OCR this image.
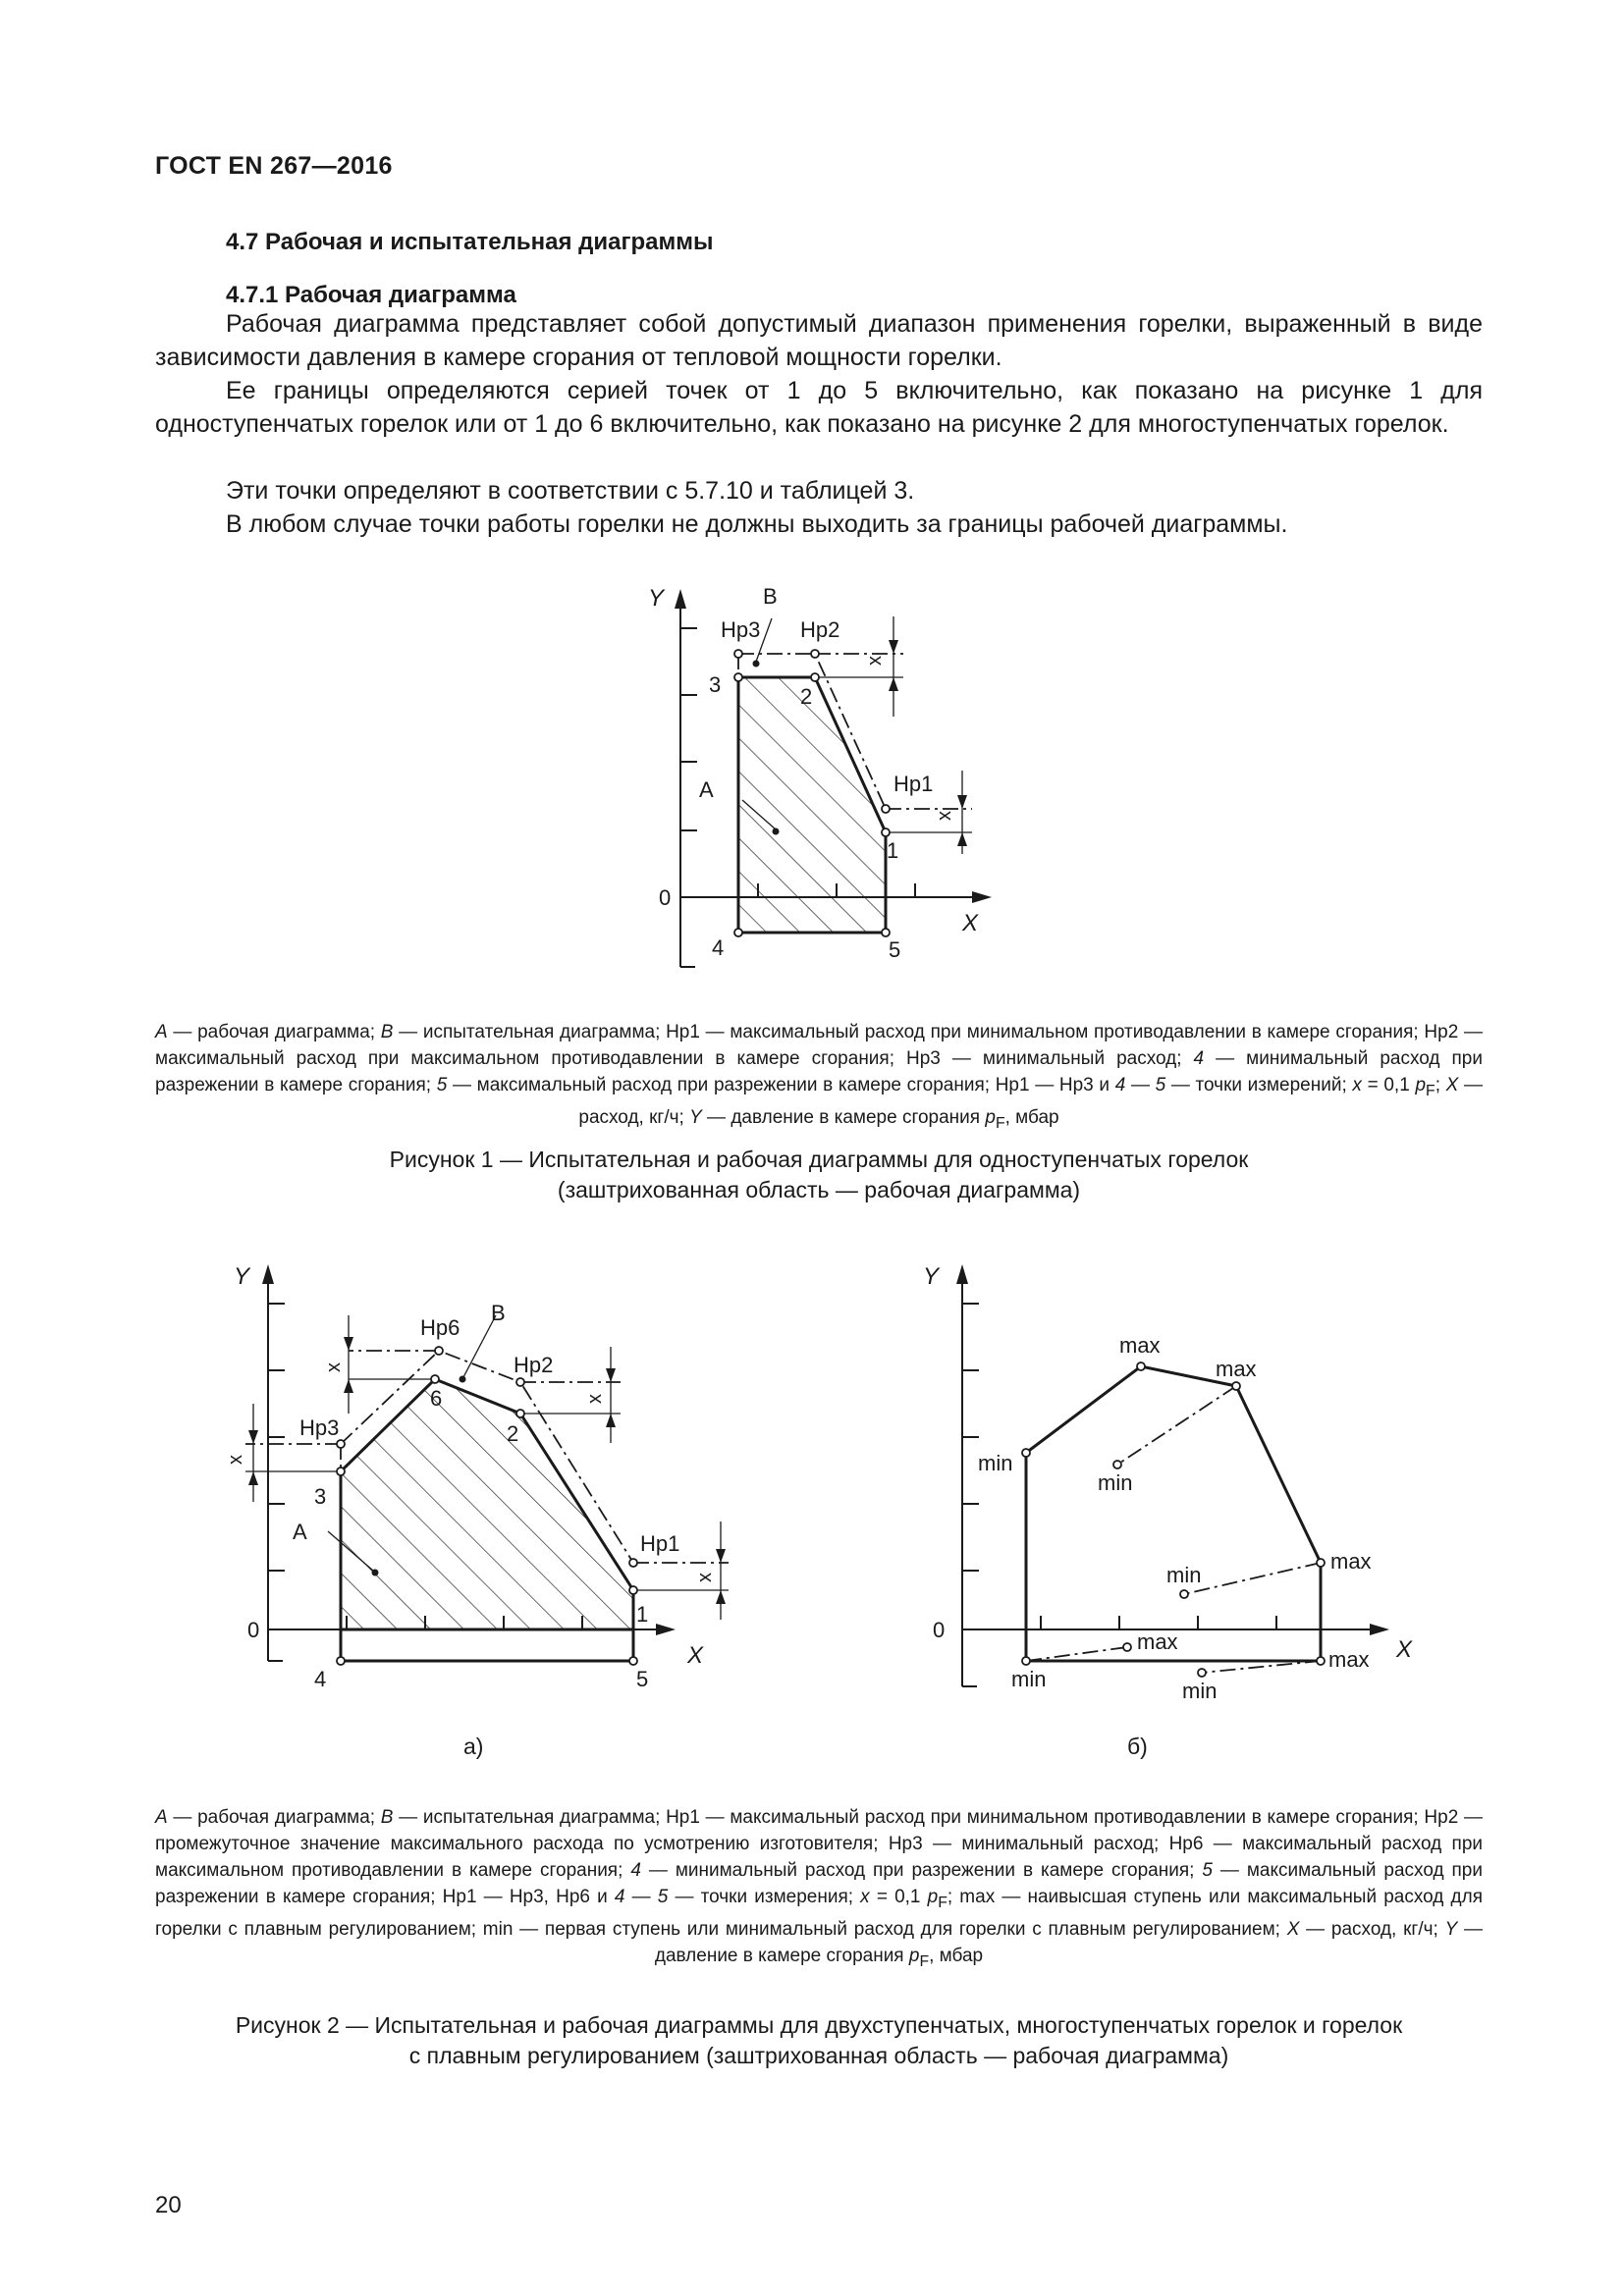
ГОСТ EN 267—2016
4.7 Рабочая и испытательная диаграммы
4.7.1 Рабочая диаграмма
Рабочая диаграмма представляет собой допустимый диапазон применения горелки, выраженный в виде зависимости давления в камере сгорания от тепловой мощности горелки.
Ее границы определяются серией точек от 1 до 5 включительно, как показано на рисунке 1 для одноступенчатых горелок или от 1 до 6 включительно, как показано на рисунке 2 для многоступенчатых горелок.
Эти точки определяют в соответствии с 5.7.10 и таблицей 3.
В любом случае точки работы горелки не должны выходить за границы рабочей диаграммы.
Y
X
0
B
Hp3 Hp2
Hp1
A
3	2
1
4	5
x
x
A — рабочая диаграмма; B — испытательная диаграмма; Hp1 — максимальный расход при минимальном противодавлении в камере сгорания; Hp2 — максимальный расход при максимальном противодавлении в камере сгорания; Hp3 — минимальный расход; 4 — минимальный расход при разрежении в камере сгорания; 5 — максимальный расход при разрежении в камере сгорания; Hp1 — Hp3 и 4 — 5 — точки измерений; x = 0,1 $p_F$; X — расход, кг/ч; Y — давление в камере сгорания $p_F$, мбар
Рисунок 1 — Испытательная и рабочая диаграммы для одноступенчатых горелок
(заштрихованная область — рабочая диаграмма)
Y
X
0
B
Hp6
Hp2
Hp3
Hp1
A
6
2
3
1
4	5
x
x
x
x
а)
Y
X
0
max
max
max
max
max
min
min
min
min	min
б)
A — рабочая диаграмма; B — испытательная диаграмма; Hp1 — максимальный расход при минимальном противодавлении в камере сгорания; Hp2 — промежуточное значение максимального расхода по усмотрению изготовителя; Hp3 — минимальный расход; Hp6 — максимальный расход при максимальном противодавлении в камере сгорания; 4 — минимальный расход при разрежении в камере сгорания; 5 — максимальный расход при разрежении в камере сгорания; Hp1 — Hp3, Hp6 и 4 — 5 — точки измерения; x = 0,1 $p_F$; max — наивысшая ступень или максимальный расход для горелки с плавным регулированием; min — первая ступень или минимальный расход для горелки с плавным регулированием; X — расход, кг/ч; Y — давление в камере сгорания $p_F$, мбар
Рисунок 2 — Испытательная и рабочая диаграммы для двухступенчатых, многоступенчатых горелок и горелок
с плавным регулированием (заштрихованная область — рабочая диаграмма)
20
